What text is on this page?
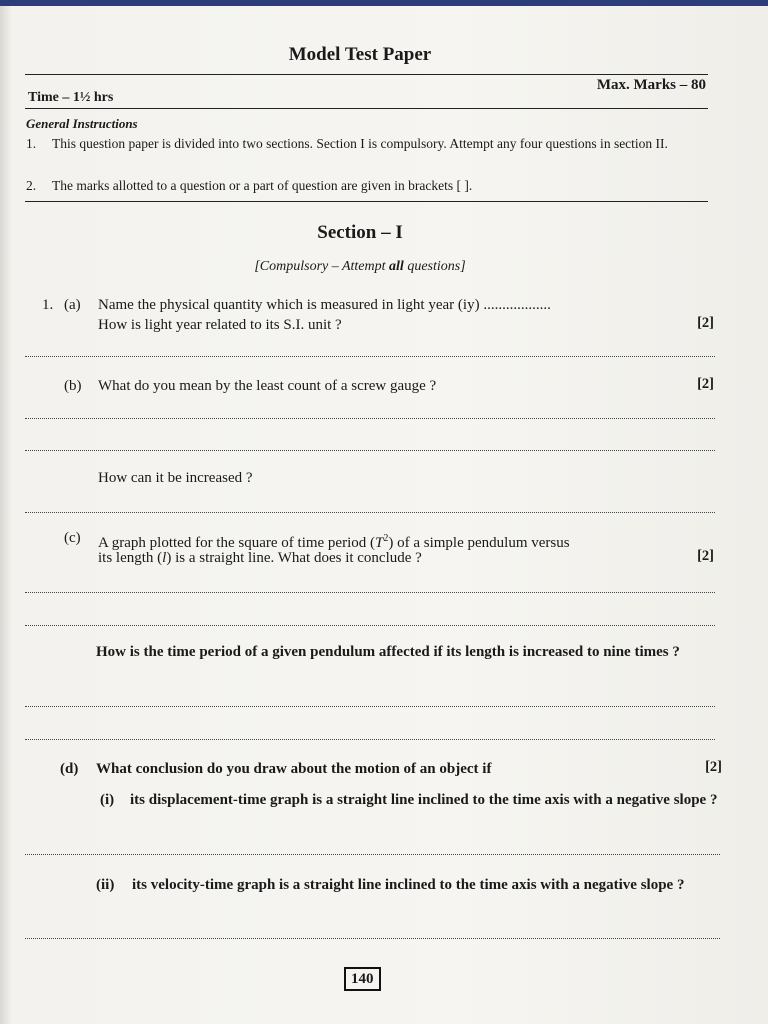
Model Test Paper
Max. Marks – 80
Time – 1½ hrs
General Instructions
1. This question paper is divided into two sections. Section I is compulsory. Attempt any four questions in section II.
2. The marks allotted to a question or a part of question are given in brackets [ ].
Section – I
[Compulsory – Attempt all questions]
1. (a) Name the physical quantity which is measured in light year (iy) ..................
How is light year related to its S.I. unit ?	[2]
(b) What do you mean by the least count of a screw gauge ?	[2]
How can it be increased ?
(c) A graph plotted for the square of time period $(T^2)$ of a simple pendulum versus
its length (l) is a straight line. What does it conclude ?	[2]
How is the time period of a given pendulum affected if its length is increased to nine times ?
(d) What conclusion do you draw about the motion of an object if	[2]
(i) its displacement-time graph is a straight line inclined to the time axis with a negative slope ?
(ii) its velocity-time graph is a straight line inclined to the time axis with a negative slope ?
140
